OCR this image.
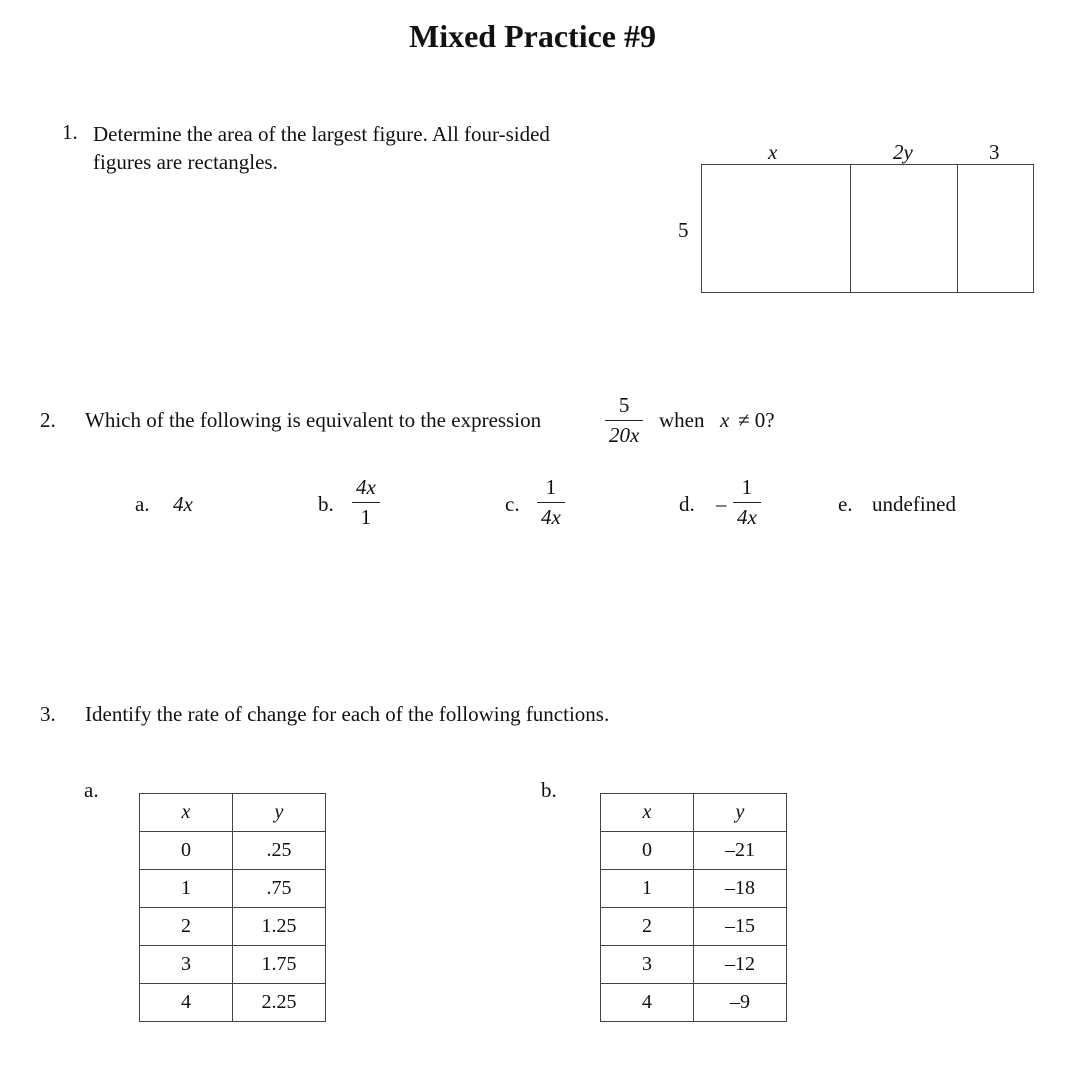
Mixed Practice #9
1. Determine the area of the largest figure. All four-sided figures are rectangles.	x	2y	3
5
2. Which of the following is equivalent to the expression
5
20x
when x ≠ 0?
a. 4x	b.
4x
1
c.
1
4x
d. –
1
4x
e. undefined
3. Identify the rate of change for each of the following functions.
a.
x	y
0	.25
1	.75
2	1.25
3	1.75
4	2.25
b.
x	y
0	–21
1	–18
2	–15
3	–12
4	–9
